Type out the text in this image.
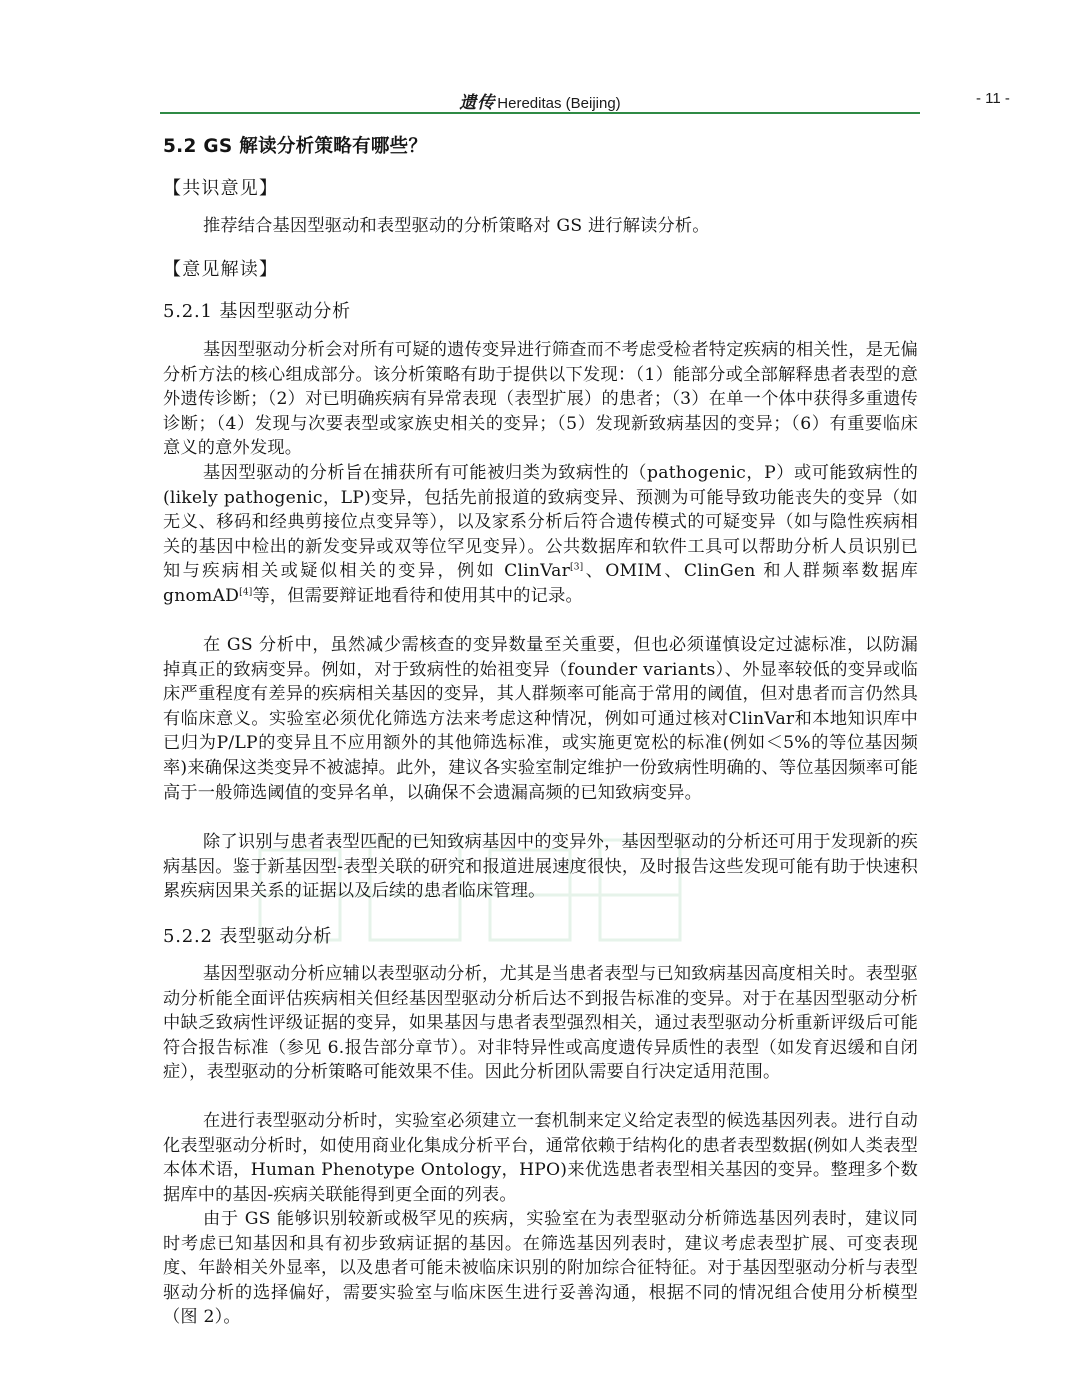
遗传 Hereditas (Beijing)	- 11 -
5.2 GS 解读分析策略有哪些？
【共识意见】
推荐结合基因型驱动和表型驱动的分析策略对 GS 进行解读分析。
【意见解读】
5.2.1 基因型驱动分析
基因型驱动分析会对所有可疑的遗传变异进行筛查而不考虑受检者特定疾病的相关性，是无偏分析方法的核心组成部分。该分析策略有助于提供以下发现：（1）能部分或全部解释患者表型的意外遗传诊断；（2）对已明确疾病有异常表现（表型扩展）的患者；（3）在单一个体中获得多重遗传诊断；（4）发现与次要表型或家族史相关的变异；（5）发现新致病基因的变异；（6）有重要临床意义的意外发现。
基因型驱动的分析旨在捕获所有可能被归类为致病性的（pathogenic，P）或可能致病性的(likely pathogenic，LP)变异，包括先前报道的致病变异、预测为可能导致功能丧失的变异（如无义、移码和经典剪接位点变异等），以及家系分析后符合遗传模式的可疑变异（如与隐性疾病相关的基因中检出的新发变异或双等位罕见变异）。公共数据库和软件工具可以帮助分析人员识别已知与疾病相关或疑似相关的变异，例如 ClinVar[3]、OMIM、ClinGen 和人群频率数据库 gnomAD[4]等，但需要辩证地看待和使用其中的记录。
在 GS 分析中，虽然减少需核查的变异数量至关重要，但也必须谨慎设定过滤标准，以防漏掉真正的致病变异。例如，对于致病性的始祖变异（founder variants）、外显率较低的变异或临床严重程度有差异的疾病相关基因的变异，其人群频率可能高于常用的阈值，但对患者而言仍然具有临床意义。实验室必须优化筛选方法来考虑这种情况，例如可通过核对ClinVar和本地知识库中已归为P/LP的变异且不应用额外的其他筛选标准，或实施更宽松的标准(例如＜5%的等位基因频率)来确保这类变异不被滤掉。此外，建议各实验室制定维护一份致病性明确的、等位基因频率可能高于一般筛选阈值的变异名单，以确保不会遗漏高频的已知致病变异。
除了识别与患者表型匹配的已知致病基因中的变异外，基因型驱动的分析还可用于发现新的疾病基因。鉴于新基因型-表型关联的研究和报道进展速度很快，及时报告这些发现可能有助于快速积累疾病因果关系的证据以及后续的患者临床管理。
5.2.2 表型驱动分析
基因型驱动分析应辅以表型驱动分析，尤其是当患者表型与已知致病基因高度相关时。表型驱动分析能全面评估疾病相关但经基因型驱动分析后达不到报告标准的变异。对于在基因型驱动分析中缺乏致病性评级证据的变异，如果基因与患者表型强烈相关，通过表型驱动分析重新评级后可能符合报告标准（参见 6.报告部分章节）。对非特异性或高度遗传异质性的表型（如发育迟缓和自闭症），表型驱动的分析策略可能效果不佳。因此分析团队需要自行决定适用范围。
在进行表型驱动分析时，实验室必须建立一套机制来定义给定表型的候选基因列表。进行自动化表型驱动分析时，如使用商业化集成分析平台，通常依赖于结构化的患者表型数据(例如人类表型本体术语，Human Phenotype Ontology，HPO)来优选患者表型相关基因的变异。整理多个数据库中的基因-疾病关联能得到更全面的列表。
由于 GS 能够识别较新或极罕见的疾病，实验室在为表型驱动分析筛选基因列表时，建议同时考虑已知基因和具有初步致病证据的基因。在筛选基因列表时，建议考虑表型扩展、可变表现度、年龄相关外显率，以及患者可能未被临床识别的附加综合征特征。对于基因型驱动分析与表型驱动分析的选择偏好，需要实验室与临床医生进行妥善沟通，根据不同的情况组合使用分析模型（图 2）。
